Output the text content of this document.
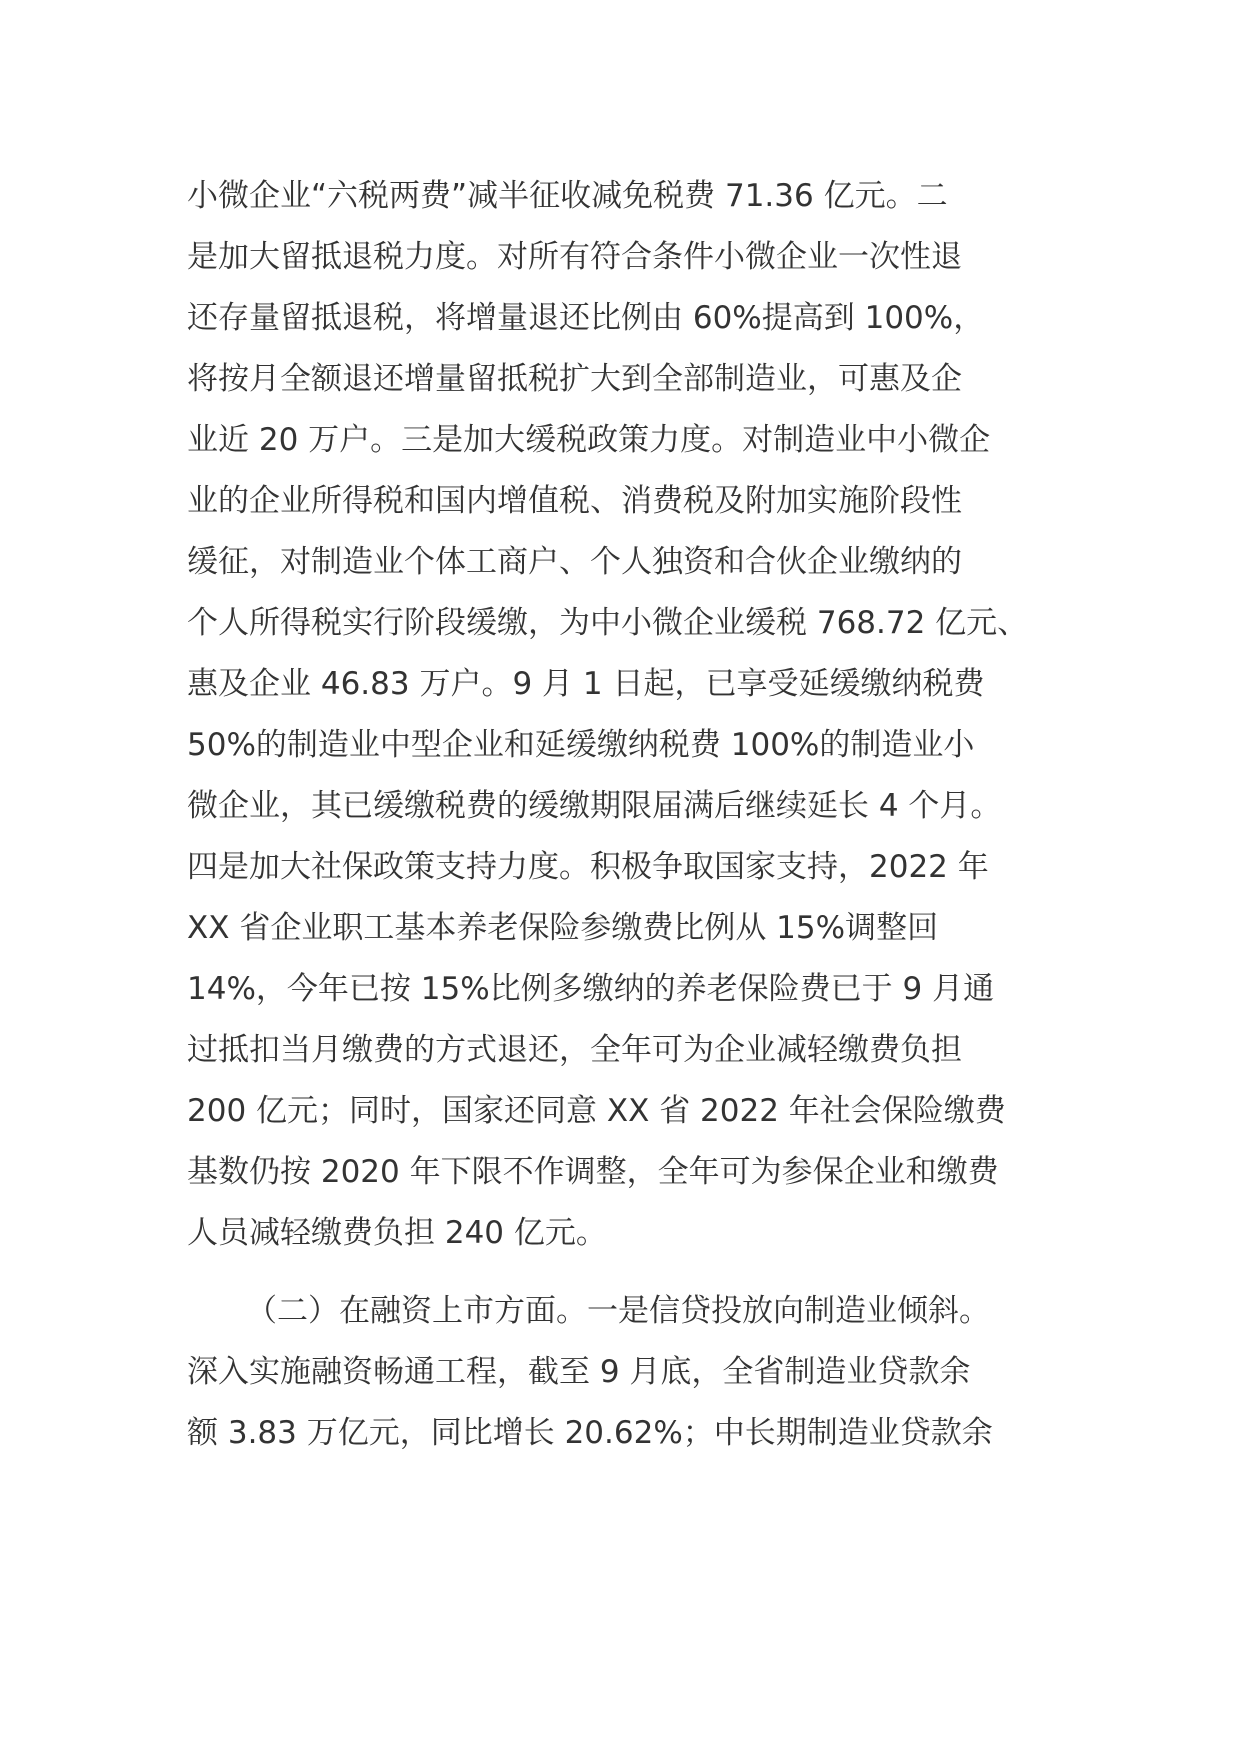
小微企业“六税两费”减半征收减免税费 71.36 亿元。二
是加大留抵退税力度。对所有符合条件小微企业一次性退
还存量留抵退税，将增量退还比例由 60%提高到 100%，
将按月全额退还增量留抵税扩大到全部制造业，可惠及企
业近 20 万户。三是加大缓税政策力度。对制造业中小微企
业的企业所得税和国内增值税、消费税及附加实施阶段性
缓征，对制造业个体工商户、个人独资和合伙企业缴纳的
个人所得税实行阶段缓缴，为中小微企业缓税 768.72 亿元、
惠及企业 46.83 万户。9 月 1 日起，已享受延缓缴纳税费
50%的制造业中型企业和延缓缴纳税费 100%的制造业小
微企业，其已缓缴税费的缓缴期限届满后继续延长 4 个月。
四是加大社保政策支持力度。积极争取国家支持，2022 年
XX 省企业职工基本养老保险参缴费比例从 15%调整回
14%，今年已按 15%比例多缴纳的养老保险费已于 9 月通
过抵扣当月缴费的方式退还，全年可为企业减轻缴费负担
200 亿元；同时，国家还同意 XX 省 2022 年社会保险缴费
基数仍按 2020 年下限不作调整，全年可为参保企业和缴费
人员减轻缴费负担 240 亿元。
（二）在融资上市方面。一是信贷投放向制造业倾斜。
深入实施融资畅通工程，截至 9 月底，全省制造业贷款余
额 3.83 万亿元，同比增长 20.62%；中长期制造业贷款余
